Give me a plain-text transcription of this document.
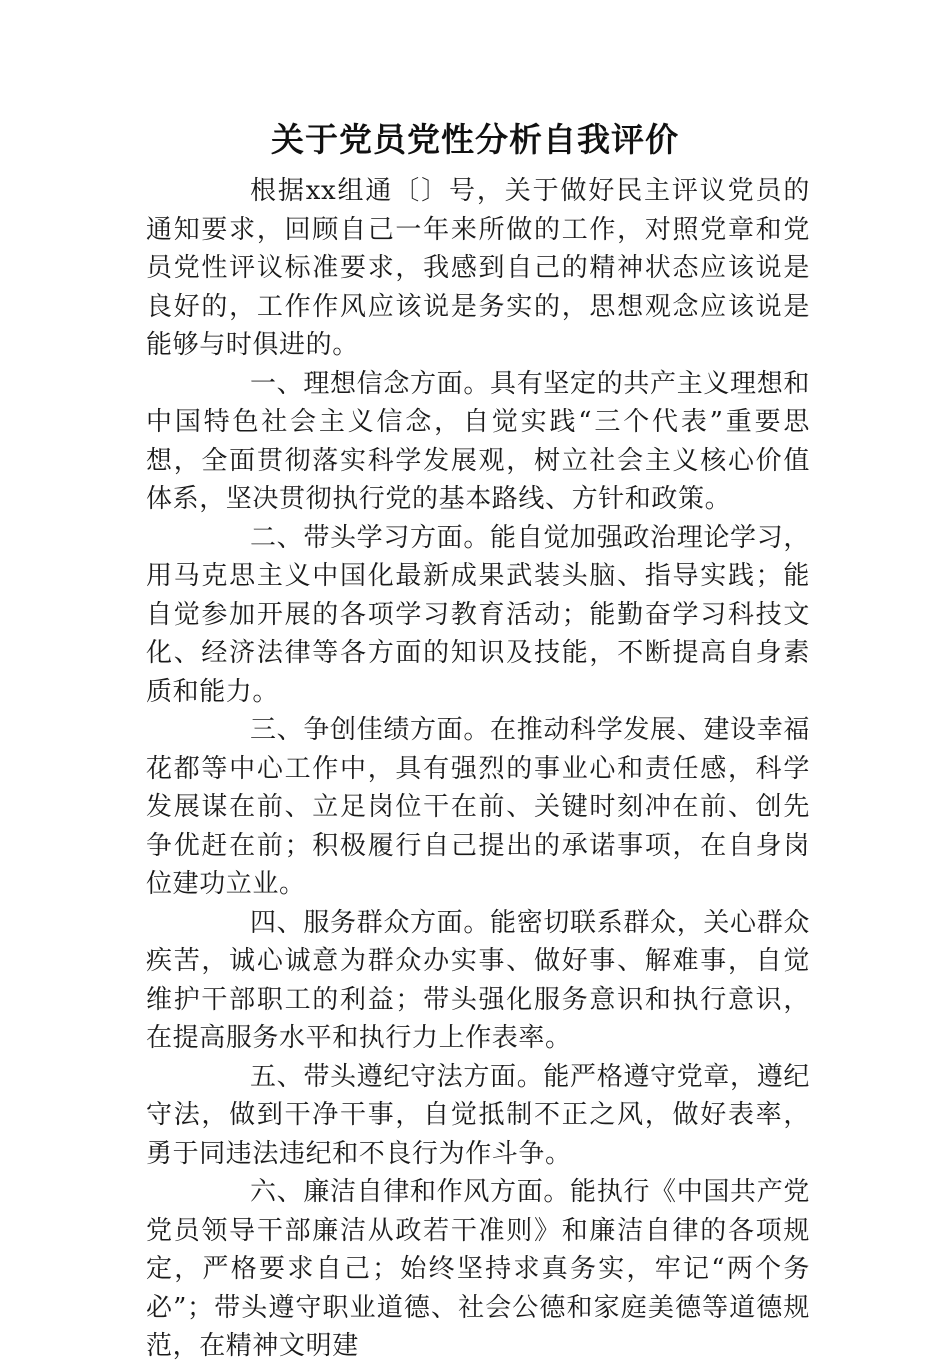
关于党员党性分析自我评价

根据xx组通〔〕号，关于做好民主评议党员的通知要求，回顾自己一年来所做的工作，对照党章和党员党性评议标准要求，我感到自己的精神状态应该说是良好的，工作作风应该说是务实的，思想观念应该说是能够与时俱进的。

一、理想信念方面。具有坚定的共产主义理想和中国特色社会主义信念，自觉实践“三个代表”重要思想，全面贯彻落实科学发展观，树立社会主义核心价值体系，坚决贯彻执行党的基本路线、方针和政策。

二、带头学习方面。能自觉加强政治理论学习，用马克思主义中国化最新成果武装头脑、指导实践；能自觉参加开展的各项学习教育活动；能勤奋学习科技文化、经济法律等各方面的知识及技能，不断提高自身素质和能力。

三、争创佳绩方面。在推动科学发展、建设幸福花都等中心工作中，具有强烈的事业心和责任感，科学发展谋在前、立足岗位干在前、关键时刻冲在前、创先争优赶在前；积极履行自己提出的承诺事项，在自身岗位建功立业。

四、服务群众方面。能密切联系群众，关心群众疾苦，诚心诚意为群众办实事、做好事、解难事，自觉维护干部职工的利益；带头强化服务意识和执行意识，在提高服务水平和执行力上作表率。

五、带头遵纪守法方面。能严格遵守党章，遵纪守法，做到干净干事，自觉抵制不正之风，做好表率，勇于同违法违纪和不良行为作斗争。

六、廉洁自律和作风方面。能执行《中国共产党党员领导干部廉洁从政若干准则》和廉洁自律的各项规定，严格要求自己；始终坚持求真务实，牢记“两个务必”；带头遵守职业道德、社会公德和家庭美德等道德规范，在精神文明建
